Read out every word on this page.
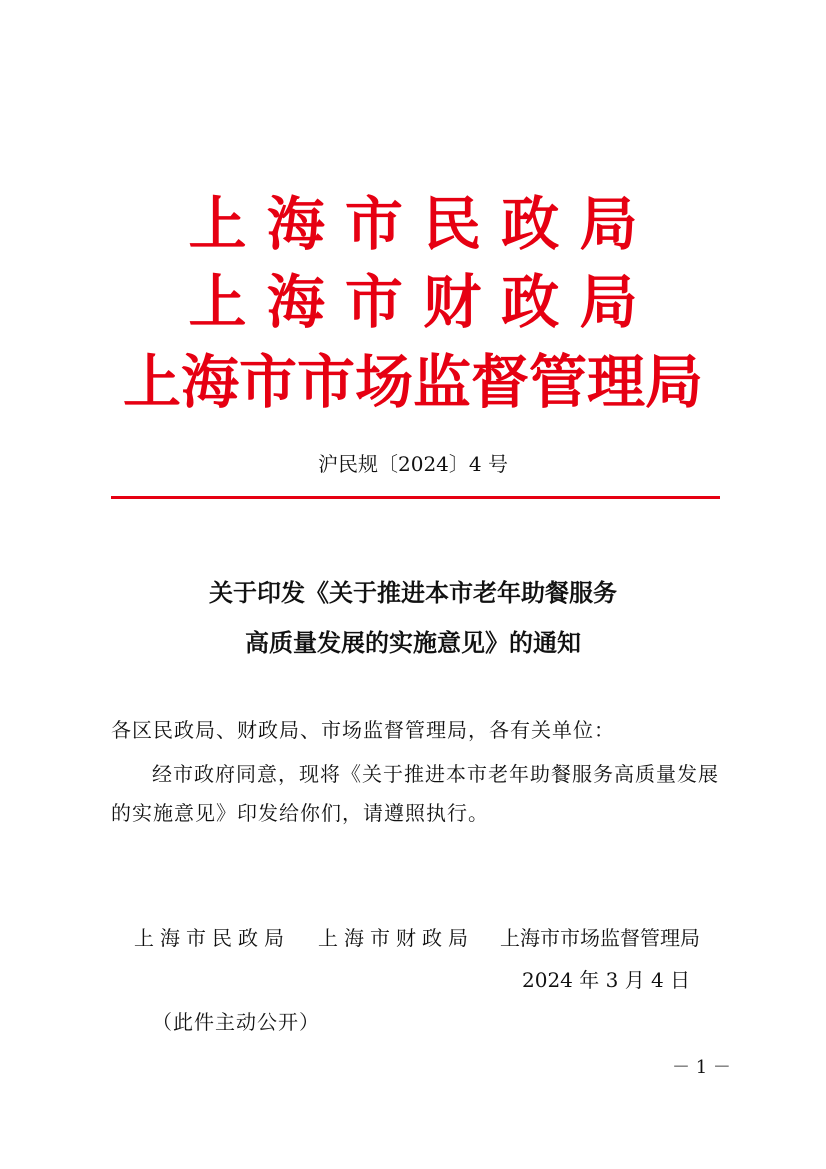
上 海 市 民 政 局
上 海 市 财 政 局
上海市市场监督管理局
沪民规〔2024〕4 号
关于印发《关于推进本市老年助餐服务
高质量发展的实施意见》的通知
各区民政局、财政局、市场监督管理局，各有关单位：
经市政府同意，现将《关于推进本市老年助餐服务高质量发展
的实施意见》印发给你们，请遵照执行。
上海市民政局 上海市财政局 上海市市场监督管理局
2024 年 3 月 4 日
（此件主动公开）
－ 1 －
